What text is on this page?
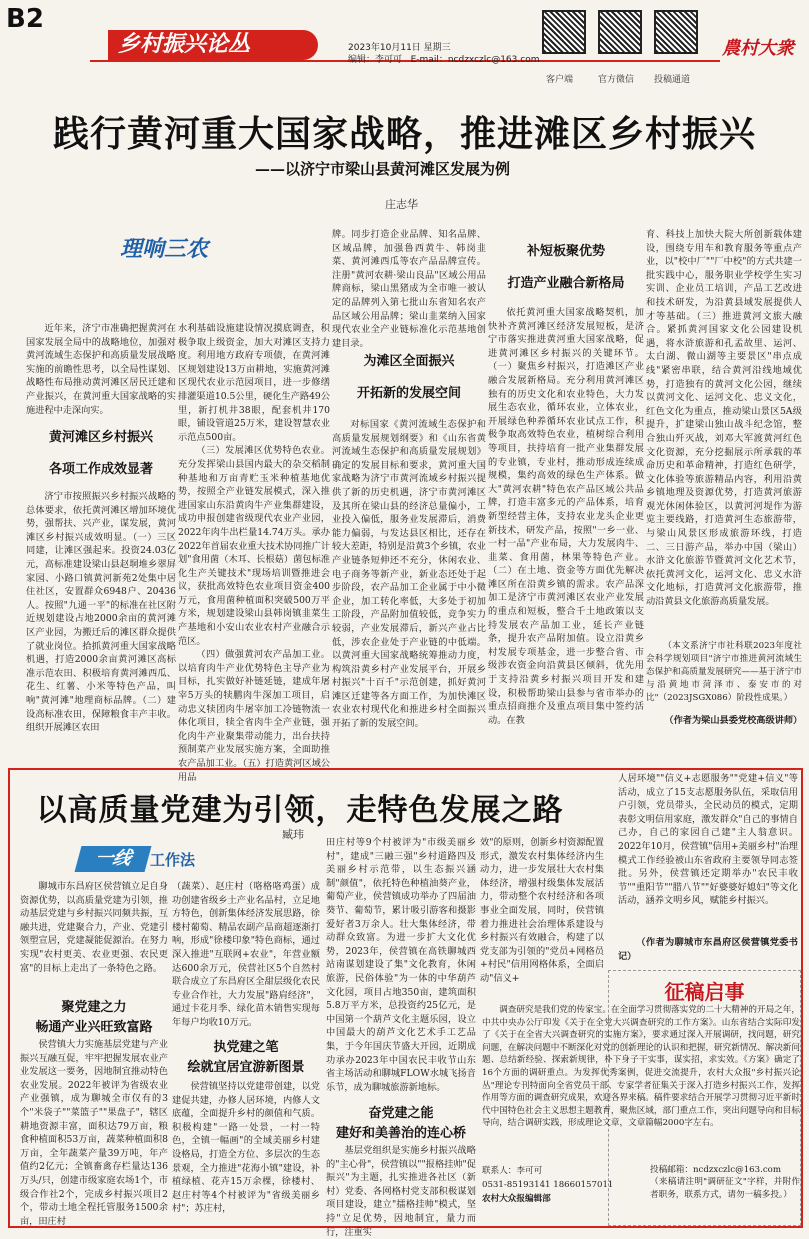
B2
乡村振兴论丛	2023年10月11日 星期三
编辑：李可可 E-mail：ncdzxczlc@163.com
客户端	官方微信 投稿通道
農村大衆
践行黄河重大国家战略，推进滩区乡村振兴
——以济宁市梁山县黄河滩区发展为例
庄志华
理响三农

近年来，济宁市准确把握黄河在国家发展全局中的战略地位，加强对黄河流域生态保护和高质量发展战略实施的前瞻性思考，以全局性谋划、战略性布局推动黄河滩区居民迁建和产业振兴，在黄河重大国家战略的实施进程中走深向实。

黄河滩区乡村振兴
各项工作成效显著

济宁市按照振兴乡村振兴战略的总体要求，依托黄河滩区增加环境优势，强帮扶、兴产业，谋发展，黄河滩区乡村振兴成效明显。（一）三区同建，让滩区强起来。投资24.03亿元，高标准建设梁山县赵垌堆乡翠屏家园、小路口镇黄河新苑2处集中居住社区，安置群众6948户、20436人。按照"九通一平"的标准在社区附近规划建设占地2000余亩的黄河滩区产业园，为搬迁后的滩区群众提供了就业岗位。拾抓黄河重大国家战略机遇，打造2000余亩黄河滩区高标准示范农田、积极培育黄河滩西瓜、花生、红薯、小米等特色产品，叫响"黄河滩"地理商标品牌。（二）建设高标准农田，保障粮食丰产丰收。组织开展滩区农田

水利基础设施建设情况摸底调查，积极争取上级资金，加大对滩区支持力度。利用地方政府专项债，在黄河滩区规划建设13万亩耕地，实施黄河滩区现代农业示范园项目，进一步修缮排灌渠道10.5公里，硬化生产路49公里，新打机井38眼，配套机井170眼，铺设管道25万米，建设智慧农业示范点500亩。

（三）发展滩区优势特色农业。充分发挥梁山县国内最大的杂交稻制种基地和万亩青贮玉米种植基地优势，按照全产业链发展模式，深入推进国家山东沿黄肉牛产业集群建设，成功申报创建省级现代农业产业园，2022年肉牛出栏量14.74万头。承办2022年首届农业重大技术协同推广计划"食用菌（木耳、长根菇）菌包标准化生产关键技术"现场培训暨推进会议，获批高效特色农业项目资金400万元，食用菌种植面积突破500万平方米，规划建设梁山县韩岗镇韭菜生产基地和小安山农业农村产业融合示范区。

（四）做强黄河农产品加工业。以培育肉牛产业优势特色主导产业为目标，扎实做好补链延链，建成年屠宰5万头的犊鹏肉牛深加工项目，启动忠义犊团肉牛屠宰加工冷链物流一体化项目，犊全省肉牛全产业链，强化肉牛产业聚集带动能力，出台扶持预制菜产业发展实施方案，全面助推农产品加工业。（五）打造黄河区域公用品

牌。同步打造企业品牌、知名品牌、区域品牌，加强鲁西黄牛、韩岗韭菜、黄河滩西瓜等农产品品牌宣传。注册"黄河农耕·梁山良品"区域公用品牌商标，梁山黑猪成为全市唯一被认定的品牌列入第七批山东省知名农产品区域公用品牌；梁山韭菜纳入国家现代农业全产业链标准化示范基地创建目录。

为滩区全面振兴
开拓新的发展空间

对标国家《黄河流域生态保护和高质量发展规划纲要》和《山东省黄河流域生态保护和高质量发展规划》确定的发展目标和要求，黄河重大国家战略为济宁市黄河流域乡村振兴提供了新的历史机遇，济宁市黄河滩区及其所在梁山县的经济总量偏小，工业投入偏低，服务业发展滞后，消费能力偏弱，与发达县区相比，还存在较大差距，特别是沿黄3个乡镇，农业产业链条短伸还不充分，休闲农业、电子商务等新产业，新业态还处于起步阶段，农产品加工企业属于中小微企业，加工转化率低，大多处于初加工阶段，产品附加值较低，竞争实力较弱，产业发展滞后，新兴产业占比低，涉农企业处于产业链的中低端。以黄河重大国家战略统筹推动力度，构筑沿黄乡村产业发展平台，开展乡村振兴"十百千"示范创建，抓好黄河滩区迁建等各方面工作，为加快滩区农业农村现代化和推进乡村全面振兴开拓了新的发展空间。

补短板聚优势
打造产业融合新格局

依托黄河重大国家战略契机，加快补齐黄河滩区经济发展短板，是济宁市落实推进黄河重大国家战略，促进黄河滩区乡村振兴的关键环节。（一）聚焦乡村振兴，打造滩区产业融合发展新格局。充分利用黄河滩区独有的历史文化和农业特色，大力发展生态农业，循环农业，立体农业，开展绿色种养循环农业试点工作，积极争取高效特色农业，植树综合利用等项目，扶持培育一批产业集群发展的专业镇，专业村，推动形成连续成规模，集约高效的绿色生产体系。做大"黄河农耕"特色农产品区域公共品牌，打造丰富多元的产品体系，培育新型经营主体，支持农业龙头企业更新技术，研发产品，按照"一乡一业、一村一品"产业布局，大力发展肉牛、韭菜、食用菌，林果等特色产业。（二）在土地、资金等方面优先解决滩区所在沿黄乡镇的需求。农产品深加工是济宁市黄河滩区农业产业发展的重点和短板，整合千土地政策以支持发展农产品加工业，延长产业链条，提升农产品附加值。设立沿黄乡村发展专项基金，进一步整合省、市级涉农资金向沿黄县区倾斜，优先用于支持沿黄乡村振兴项目开发和建设，积极帮助梁山县参与省市举办的重点招商推介及重点项目集中签约活动。在教

育、科技上加快大院大所创新载体建设，围绕专用车和教育服务等重点产业，以"校中厂""厂中校"的方式共建一批实践中心，服务职业学校学生实习实训、企业员工培训，产品工艺改进和技术研发，为沿黄县域发展提供人才等基础。（三）推进黄河文旅大融合。紧抓黄河国家文化公园建设机遇，将水浒旅游和孔孟故里、运河、太白湖、微山湖等主要景区"串点成线"紧密串联，结合黄河沿线地域优势，打造独有的黄河文化公园，继续以黄河文化、运河文化、忠义文化，红色文化为重点，推动梁山景区5A级提升，扩建梁山独山战斗纪念馆，整合独山歼灭战，刘邓大军渡黄河红色文化资源，充分挖掘展示所承载的革命历史和革命精神，打造红色研学，文化体验等旅游精品内容，利用沿黄乡镇地理及资源优势，打造黄河旅游观光休闲体验区，以黄河河堤作为游览主要线路，打造黄河生态旅游带，与梁山风景区形成旅游环线，打造二、三日游产品，举办中国（梁山）水浒文化旅游节暨黄河文化艺术节，依托黄河文化，运河文化、忠义水浒文化地标，打造黄河文化旅游带，推动沿黄县文化旅游高质量发展。

（本文系济宁市社科联2023年度社会科学规划项目"济宁市推进黄河流域生态保护和高质量发展研究——基于济宁市与沿黄地市菏泽市、泰安市的对比"（2023JSGX086）阶段性成果。）

（作者为梁山县委党校高级讲师）

以高质量党建为引领，走特色发展之路
臧玮
一线	工作法

聊城市东昌府区侯营镇立足自身资源优势，以高质量党建为引领，推动基层党建与乡村振兴同频共振，互融共进，党建聚合力，产业、党建引领塑宣居，党建凝能促源治。在努力实现"农村更美、农业更强、农民更富"的目标上走出了一条特色之路。

聚党建之力
畅通产业兴旺致富路

侯营镇大力实施基层党建与产业振兴互融互促，牢牢把握发展农业产业发展这一要务，因地制宜推动特色农业发展。2022年被评为省级农业产业强镇，成为聊城全市仅有的3个"米袋子""菜篮子""果盘子"，辖区耕地资源丰富，面积达79万亩，粮食种植面积53万亩，蔬菜种植面积8万亩，全年蔬菜产量39万吨，年产值约2亿元；全镇畜禽存栏量达136万头/只，创建市级家庭农场1个，市级合作社2个，完成乡村振兴项目2个，带动土地全程托管服务1500余亩，田庄村

（蔬菜）、赵庄村（咯格咯鸡蛋）成功创建省级乡土产业名品村，立足地方特色，创新集体经济发展思路，徐楼村葡萄、精品农副产品商超逐渐打响，形成"徐楼印象"特色商标，通过深入推进"互联网+农业"，年营业额达600余万元，侯营社区5个自然村联合成立了东昌府区全甜层级化农民专业合作社，大力发展"路肩经济"，通过卡花月季、绿化苗木销售实现每年每户均收10万元。

执党建之笔
绘就宜居宜游新图景

侯营镇坚持以党建带创建，以党建促共建，办修人居环境，内修人文底蕴，全面提升乡村的颜值和气质。积极构建"一路一处景，一村一特色，全镇一幅画"的全域美丽乡村建设格局，打造全方位、多层次的生态景观，全力推进"花海小镇"建设，补植绿植、花卉15万余棵，徐楼村、赵庄村等4个村被评为"省级美丽乡村"；苏庄村，

田庄村等9个村被评为"市级美丽乡村"，建成"三融三强"乡村道路四及美丽乡村示范带，以生态振兴涵制"颜值"，依托特色种植油葵产业，葡萄产业，侯营镇成功举办了四届油葵节、葡萄节，累计吸引游客和摄影爱好者3万余人。壮大集体经济，带动群众致富。为进一步扩大文化优势，2023年，侯营镇在高铁聊城西站南谋划建设了集"文化教育，休闲旅游，民俗体验"为一体的中华葫芦文化园，项目占地350亩，建筑面积5.8万平方米，总投资约25亿元，是中国第一个葫芦文化主题乐园，设立中国最大的葫芦文化艺术手工艺品集，于今年国庆节盛大开园，近期成功承办2023年中国农民丰收节山东省主场活动和聊城FLOW水城飞扬音乐节，成为聊城旅游新地标。

奋党建之能
建好和美善治的连心桥

基层党组织是实施乡村振兴战略的"主心骨"，侯营镇以""报格挂帅"促振兴"为主题，扎实推进各社区（新村）党委、各网格村党支部积极谋划项目建设，建立"擂格挂帅"模式，坚持"立足优势，因地制宜，量力而行，注重实

效"的原则，创新乡村资源配置形式，激发农村集体经济内生动力，进一步发展壮大农村集体经济，增强村级集体发展活力，带动整个农村经济和各项事业全面发展，同时，侯营镇着力推进社会治理体系建设与乡村振兴有效融合，构建了以党支部为引领的"党员+网格员+村民"信用网格体系，全面启动"信义+

人居环境""信义+志愿服务""党建+信义"等活动，成立了15支志愿服务队伍，采取信用户引领，党员带头，全民动员的模式，定期表彰文明信用家庭，激发群众"自己的事情自己办，自己的家园自己建"主人翁意识。2022年10月，侯营镇"信用+美丽乡村"治理模式工作经验被山东省政府主要领导同志签批。另外，侯营镇还定期举办"农民丰收节""重阳节""腊八节""好婆婆好媳妇"等文化活动，涵养文明乡风，赋能乡村振兴。

（作者为聊城市东昌府区侯营镇党委书记）

征稿启事

调查研究是我们党的传家宝。在全面学习贯彻落实党的二十大精神的开局之年，中共中央办公厅印发《关于在全党大兴调查研究的工作方案》。山东省结合实际印发了《关于在全省大兴调查研究的实施方案》，要求通过深入开展调研，找问题，研究问题，在解决问题中不断深化对党的创新理论的认识和把握，研究新情况、解决新问题、总结新经验、探索新规律，朴下身子干实事，谋实招，求实效。《方案》确定了16个方面的调研重点。为发挥优秀案例，促进交流提升，农村大众报"乡村振兴论丛"理论专刊特面向全省党员干部、专家学者征集关于深入打造乡村振兴工作，发挥作用等方面的调查研究成果，欢迎各界来稿。稿件要求结合开展学习贯彻习近平新时代中国特色社会主义思想主题教育，聚焦区域，部门重点工作，突出问题导向和目标导向，结合调研实践，形成理论文章，文章篇幅2000字左右。

投稿邮箱：ncdzxczlc@163.com
（来稿请注明"调研征文"字样，并附作者职务，联系方式，请勿一稿多投。）
联系人：李可可
0531-85193141 18660157011
农村大众报编辑部
